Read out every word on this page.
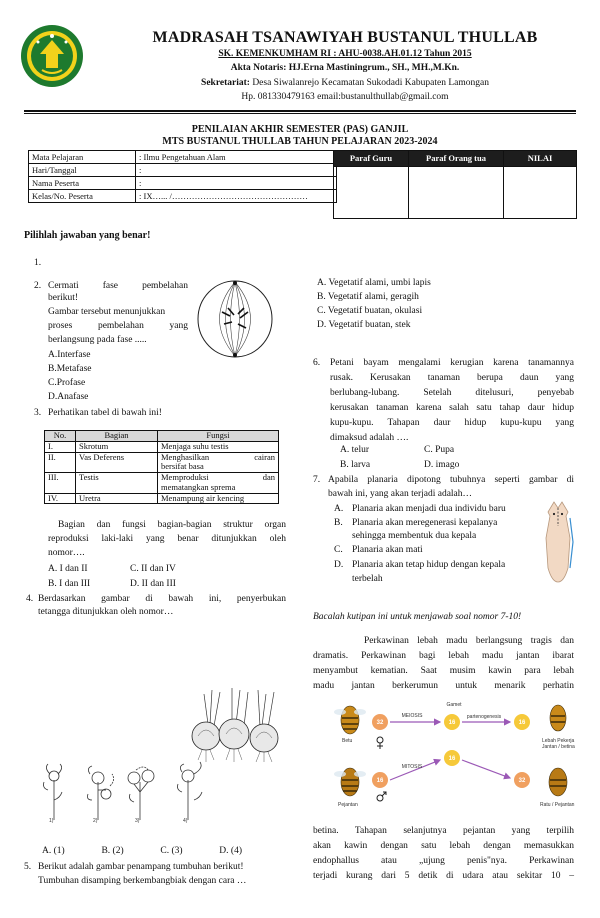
MADRASAH TSANAWIYAH BUSTANUL THULLAB
SK. KEMENKUMHAM RI : AHU-0038.AH.01.12 Tahun 2015
Akta Notaris: HJ.Erna Mastiningrum., SH., MH.,M.Kn.
Sekretariat: Desa Siwalanrejo Kecamatan Sukodadi Kabupaten Lamongan
Hp. 081330479163 email:bustanulthullab@gmail.com
PENILAIAN AKHIR SEMESTER (PAS) GANJIL
MTS BUSTANUL THULLAB TAHUN PELAJARAN 2023-2024
Mata Pelajaran	: Ilmu Pengetahuan Alam
Hari/Tanggal	:
Nama Peserta	:
Kelas/No. Peserta	: IX…... /…………………………………………
Paraf Guru	Paraf Orang tua	NILAI

Pilihlah jawaban yang benar!
1.
2. Cermati	fase	pembelahan
berikut!
Gambar tersebut menunjukkan
proses	pembelahan	yang
berlangsung pada fase .....
A.Interfase
B.Metafase
C.Profase
D.Anafase
3. Perhatikan tabel di bawah ini!
No.	Bagian	Fungsi
I.	Skrotum	Menjaga suhu testis
II.	Vas Deferens	Menghasilkan cairan
bersifat basa

III.	Testis	Memproduksi dan
mematangkan sprema

IV.	Uretra	Menampung air kencing
Bagian dan fungsi bagian-bagian struktur organ
reproduksi laki-laki yang benar ditunjukkan oleh
nomor….
A. I dan II	C. II dan IV
B. I dan III	D. II dan III
4. Berdasarkan gambar di bawah ini, penyerbukan
tetangga ditunjukkan oleh nomor…
1)	2)	3)	4)
A. (1)	B. (2)	C. (3)	D. (4)
5. Berikut adalah gambar penampang tumbuhan berikut!
Tumbuhan disamping berkembangbiak dengan cara …
A. Vegetatif alami, umbi lapis
B. Vegetatif alami, geragih
C. Vegetatif buatan, okulasi
D. Vegetatif buatan, stek
6. Petani bayam mengalami kerugian karena tanamannya
rusak. Kerusakan tanaman berupa daun yang
berlubang-lubang. Setelah ditelusuri, penyebab
kerusakan tanaman karena salah satu tahap daur hidup
kupu-kupu. Tahapan daur hidup kupu-kupu yang
dimaksud adalah ….
A. telur	C. Pupa
B. larva	D. imago
7. Apabila planaria dipotong tubuhnya seperti gambar di
bawah ini, yang akan terjadi adalah…
A. Planaria akan menjadi dua individu baru
B. Planaria akan meregenerasi kepalanya
sehingga membentuk dua kepala
C. Planaria akan mati
D. Planaria akan tetap hidup dengan kepala
terbelah
Bacalah kutipan ini untuk menjawab soal nomor 7-10!
Perkawinan lebah madu berlangsung tragis dan
dramatis. Perkawinan bagi lebah madu jantan ibarat
menyambut kematian. Saat musim kawin para lebah
madu jantan berkerumun untuk menarik perhatin
32
16
16
16
16
32
Gamet
MEIOSIS	partenogenesis
MITOSIS
Betu
Pejantan
Lebah Pekerja
Jantan / betina
Ratu / Pejantan
betina. Tahapan selanjutnya pejantan yang terpilih
akan kawin dengan satu lebah dengan memasukkan
endophallus atau „ujung penis"nya. Perkawinan
terjadi kurang dari 5 detik di udara atau sekitar 10 –
